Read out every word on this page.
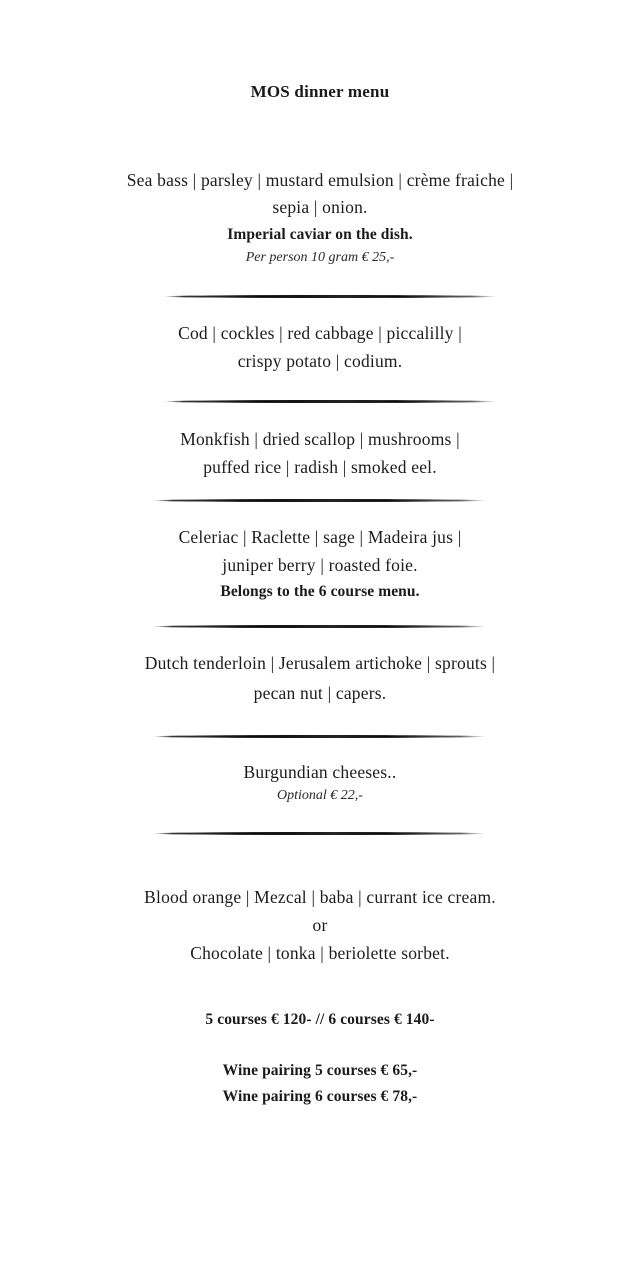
MOS dinner menu
Sea bass | parsley | mustard emulsion | crème fraiche |
sepia | onion.
Imperial caviar on the dish.
Per person 10 gram € 25,-
Cod | cockles | red cabbage | piccalilly |
crispy potato | codium.
Monkfish | dried scallop | mushrooms |
puffed rice | radish | smoked eel.
Celeriac | Raclette | sage | Madeira jus |
juniper berry | roasted foie.
Belongs to the 6 course menu.
Dutch tenderloin | Jerusalem artichoke | sprouts |
pecan nut | capers.
Burgundian cheeses..
Optional € 22,-
Blood orange | Mezcal | baba | currant ice cream.
or
Chocolate | tonka | beriolette sorbet.
5 courses € 120- // 6 courses € 140-
Wine pairing 5 courses € 65,-
Wine pairing 6 courses € 78,-
